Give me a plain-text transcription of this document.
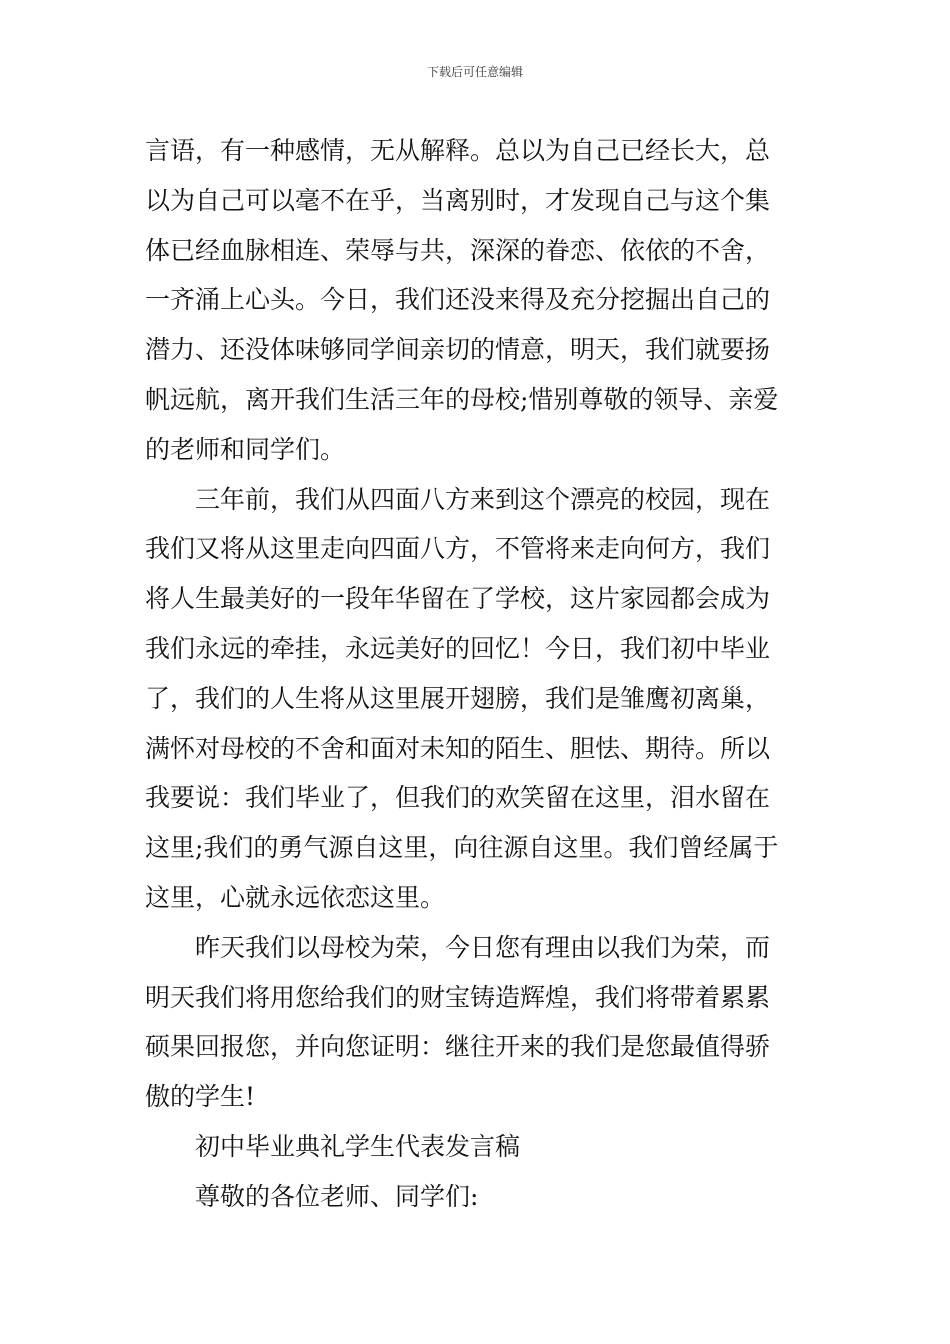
下载后可任意编辑
言语，有一种感情，无从解释。总以为自己已经长大，总
以为自己可以毫不在乎，当离别时，才发现自己与这个集
体已经血脉相连、荣辱与共，深深的眷恋、依依的不舍，
一齐涌上心头。今日，我们还没来得及充分挖掘出自己的
潜力、还没体味够同学间亲切的情意，明天，我们就要扬
帆远航，离开我们生活三年的母校;惜别尊敬的领导、亲爱
的老师和同学们。
三年前，我们从四面八方来到这个漂亮的校园，现在
我们又将从这里走向四面八方，不管将来走向何方，我们
将人生最美好的一段年华留在了学校，这片家园都会成为
我们永远的牵挂，永远美好的回忆！今日，我们初中毕业
了，我们的人生将从这里展开翅膀，我们是雏鹰初离巢，
满怀对母校的不舍和面对未知的陌生、胆怯、期待。所以
我要说：我们毕业了，但我们的欢笑留在这里，泪水留在
这里;我们的勇气源自这里，向往源自这里。我们曾经属于
这里，心就永远依恋这里。
昨天我们以母校为荣，今日您有理由以我们为荣，而
明天我们将用您给我们的财宝铸造辉煌，我们将带着累累
硕果回报您，并向您证明：继往开来的我们是您最值得骄
傲的学生!
初中毕业典礼学生代表发言稿
尊敬的各位老师、同学们:
